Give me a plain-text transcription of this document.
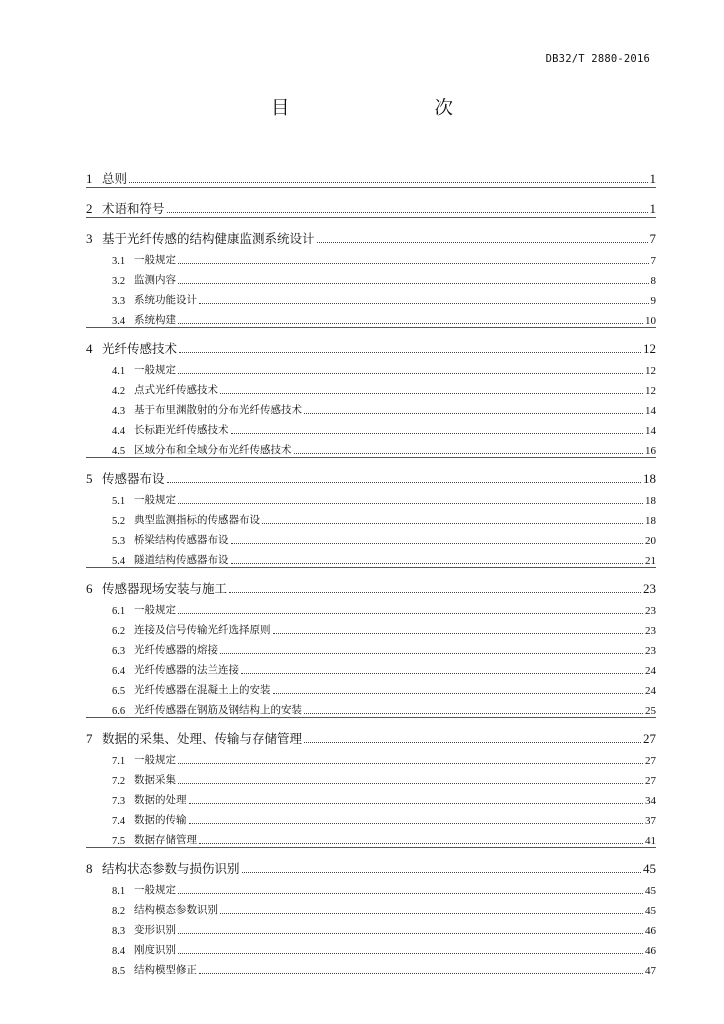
DB32/T 2880-2016
目　　次
1 总则	1
2 术语和符号	1
3 基于光纤传感的结构健康监测系统设计	7
3.1 一般规定	7
3.2 监测内容	8
3.3 系统功能设计	9
3.4 系统构建	10
4 光纤传感技术	12
4.1 一般规定	12
4.2 点式光纤传感技术	12
4.3 基于布里渊散射的分布光纤传感技术	14
4.4 长标距光纤传感技术	14
4.5 区域分布和全域分布光纤传感技术	16
5 传感器布设	18
5.1 一般规定	18
5.2 典型监测指标的传感器布设	18
5.3 桥梁结构传感器布设	20
5.4 隧道结构传感器布设	21
6 传感器现场安装与施工	23
6.1 一般规定	23
6.2 连接及信号传输光纤选择原则	23
6.3 光纤传感器的熔接	23
6.4 光纤传感器的法兰连接	24
6.5 光纤传感器在混凝土上的安装	24
6.6 光纤传感器在钢筋及钢结构上的安装	25
7 数据的采集、处理、传输与存储管理	27
7.1 一般规定	27
7.2 数据采集	27
7.3 数据的处理	34
7.4 数据的传输	37
7.5 数据存储管理	41
8 结构状态参数与损伤识别	45
8.1 一般规定	45
8.2 结构模态参数识别	45
8.3 变形识别	46
8.4 刚度识别	46
8.5 结构模型修正	47
